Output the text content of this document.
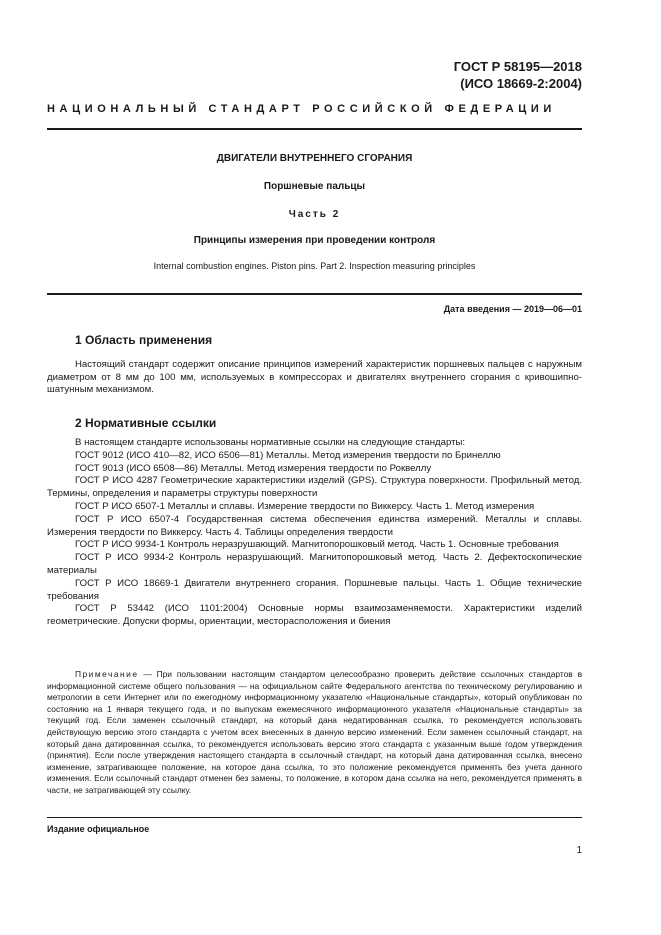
ГОСТ Р 58195—2018
(ИСО 18669-2:2004)
НАЦИОНАЛЬНЫЙ СТАНДАРТ РОССИЙСКОЙ ФЕДЕРАЦИИ
ДВИГАТЕЛИ ВНУТРЕННЕГО СГОРАНИЯ
Поршневые пальцы
Часть 2
Принципы измерения при проведении контроля
Internal combustion engines. Piston pins. Part 2. Inspection measuring principles
Дата введения — 2019—06—01
1 Область применения
Настоящий стандарт содержит описание принципов измерений характеристик поршневых пальцев с наружным диаметром от 8 мм до 100 мм, используемых в компрессорах и двигателях внутреннего сгорания с кривошипно-шатунным механизмом.
2 Нормативные ссылки
В настоящем стандарте использованы нормативные ссылки на следующие стандарты:
ГОСТ 9012 (ИСО 410—82, ИСО 6506—81) Металлы. Метод измерения твердости по Бринеллю
ГОСТ 9013 (ИСО 6508—86) Металлы. Метод измерения твердости по Роквеллу
ГОСТ Р ИСО 4287 Геометрические характеристики изделий (GPS). Структура поверхности. Профильный метод. Термины, определения и параметры структуры поверхности
ГОСТ Р ИСО 6507-1 Металлы и сплавы. Измерение твердости по Виккерсу. Часть 1. Метод измерения
ГОСТ Р ИСО 6507-4 Государственная система обеспечения единства измерений. Металлы и сплавы. Измерения твердости по Виккерсу. Часть 4. Таблицы определения твердости
ГОСТ Р ИСО 9934-1 Контроль неразрушающий. Магнитопорошковый метод. Часть 1. Основные требования
ГОСТ Р ИСО 9934-2 Контроль неразрушающий. Магнитопорошковый метод. Часть 2. Дефектоскопические материалы
ГОСТ Р ИСО 18669-1 Двигатели внутреннего сгорания. Поршневые пальцы. Часть 1. Общие технические требования
ГОСТ Р 53442 (ИСО 1101:2004) Основные нормы взаимозаменяемости. Характеристики изделий геометрические. Допуски формы, ориентации, месторасположения и биения
Примечание — При пользовании настоящим стандартом целесообразно проверить действие ссылочных стандартов в информационной системе общего пользования — на официальном сайте Федерального агентства по техническому регулированию и метрологии в сети Интернет или по ежегодному информационному указателю «Национальные стандарты», который опубликован по состоянию на 1 января текущего года, и по выпускам ежемесячного информационного указателя «Национальные стандарты» за текущий год. Если заменен ссылочный стандарт, на который дана недатированная ссылка, то рекомендуется использовать действующую версию этого стандарта с учетом всех внесенных в данную версию изменений. Если заменен ссылочный стандарт, на который дана датированная ссылка, то рекомендуется использовать версию этого стандарта с указанным выше годом утверждения (принятия). Если после утверждения настоящего стандарта в ссылочный стандарт, на который дана датированная ссылка, внесено изменение, затрагивающее положение, на которое дана ссылка, то это положение рекомендуется применять без учета данного изменения. Если ссылочный стандарт отменен без замены, то положение, в котором дана ссылка на него, рекомендуется применять в части, не затрагивающей эту ссылку.
Издание официальное
1
